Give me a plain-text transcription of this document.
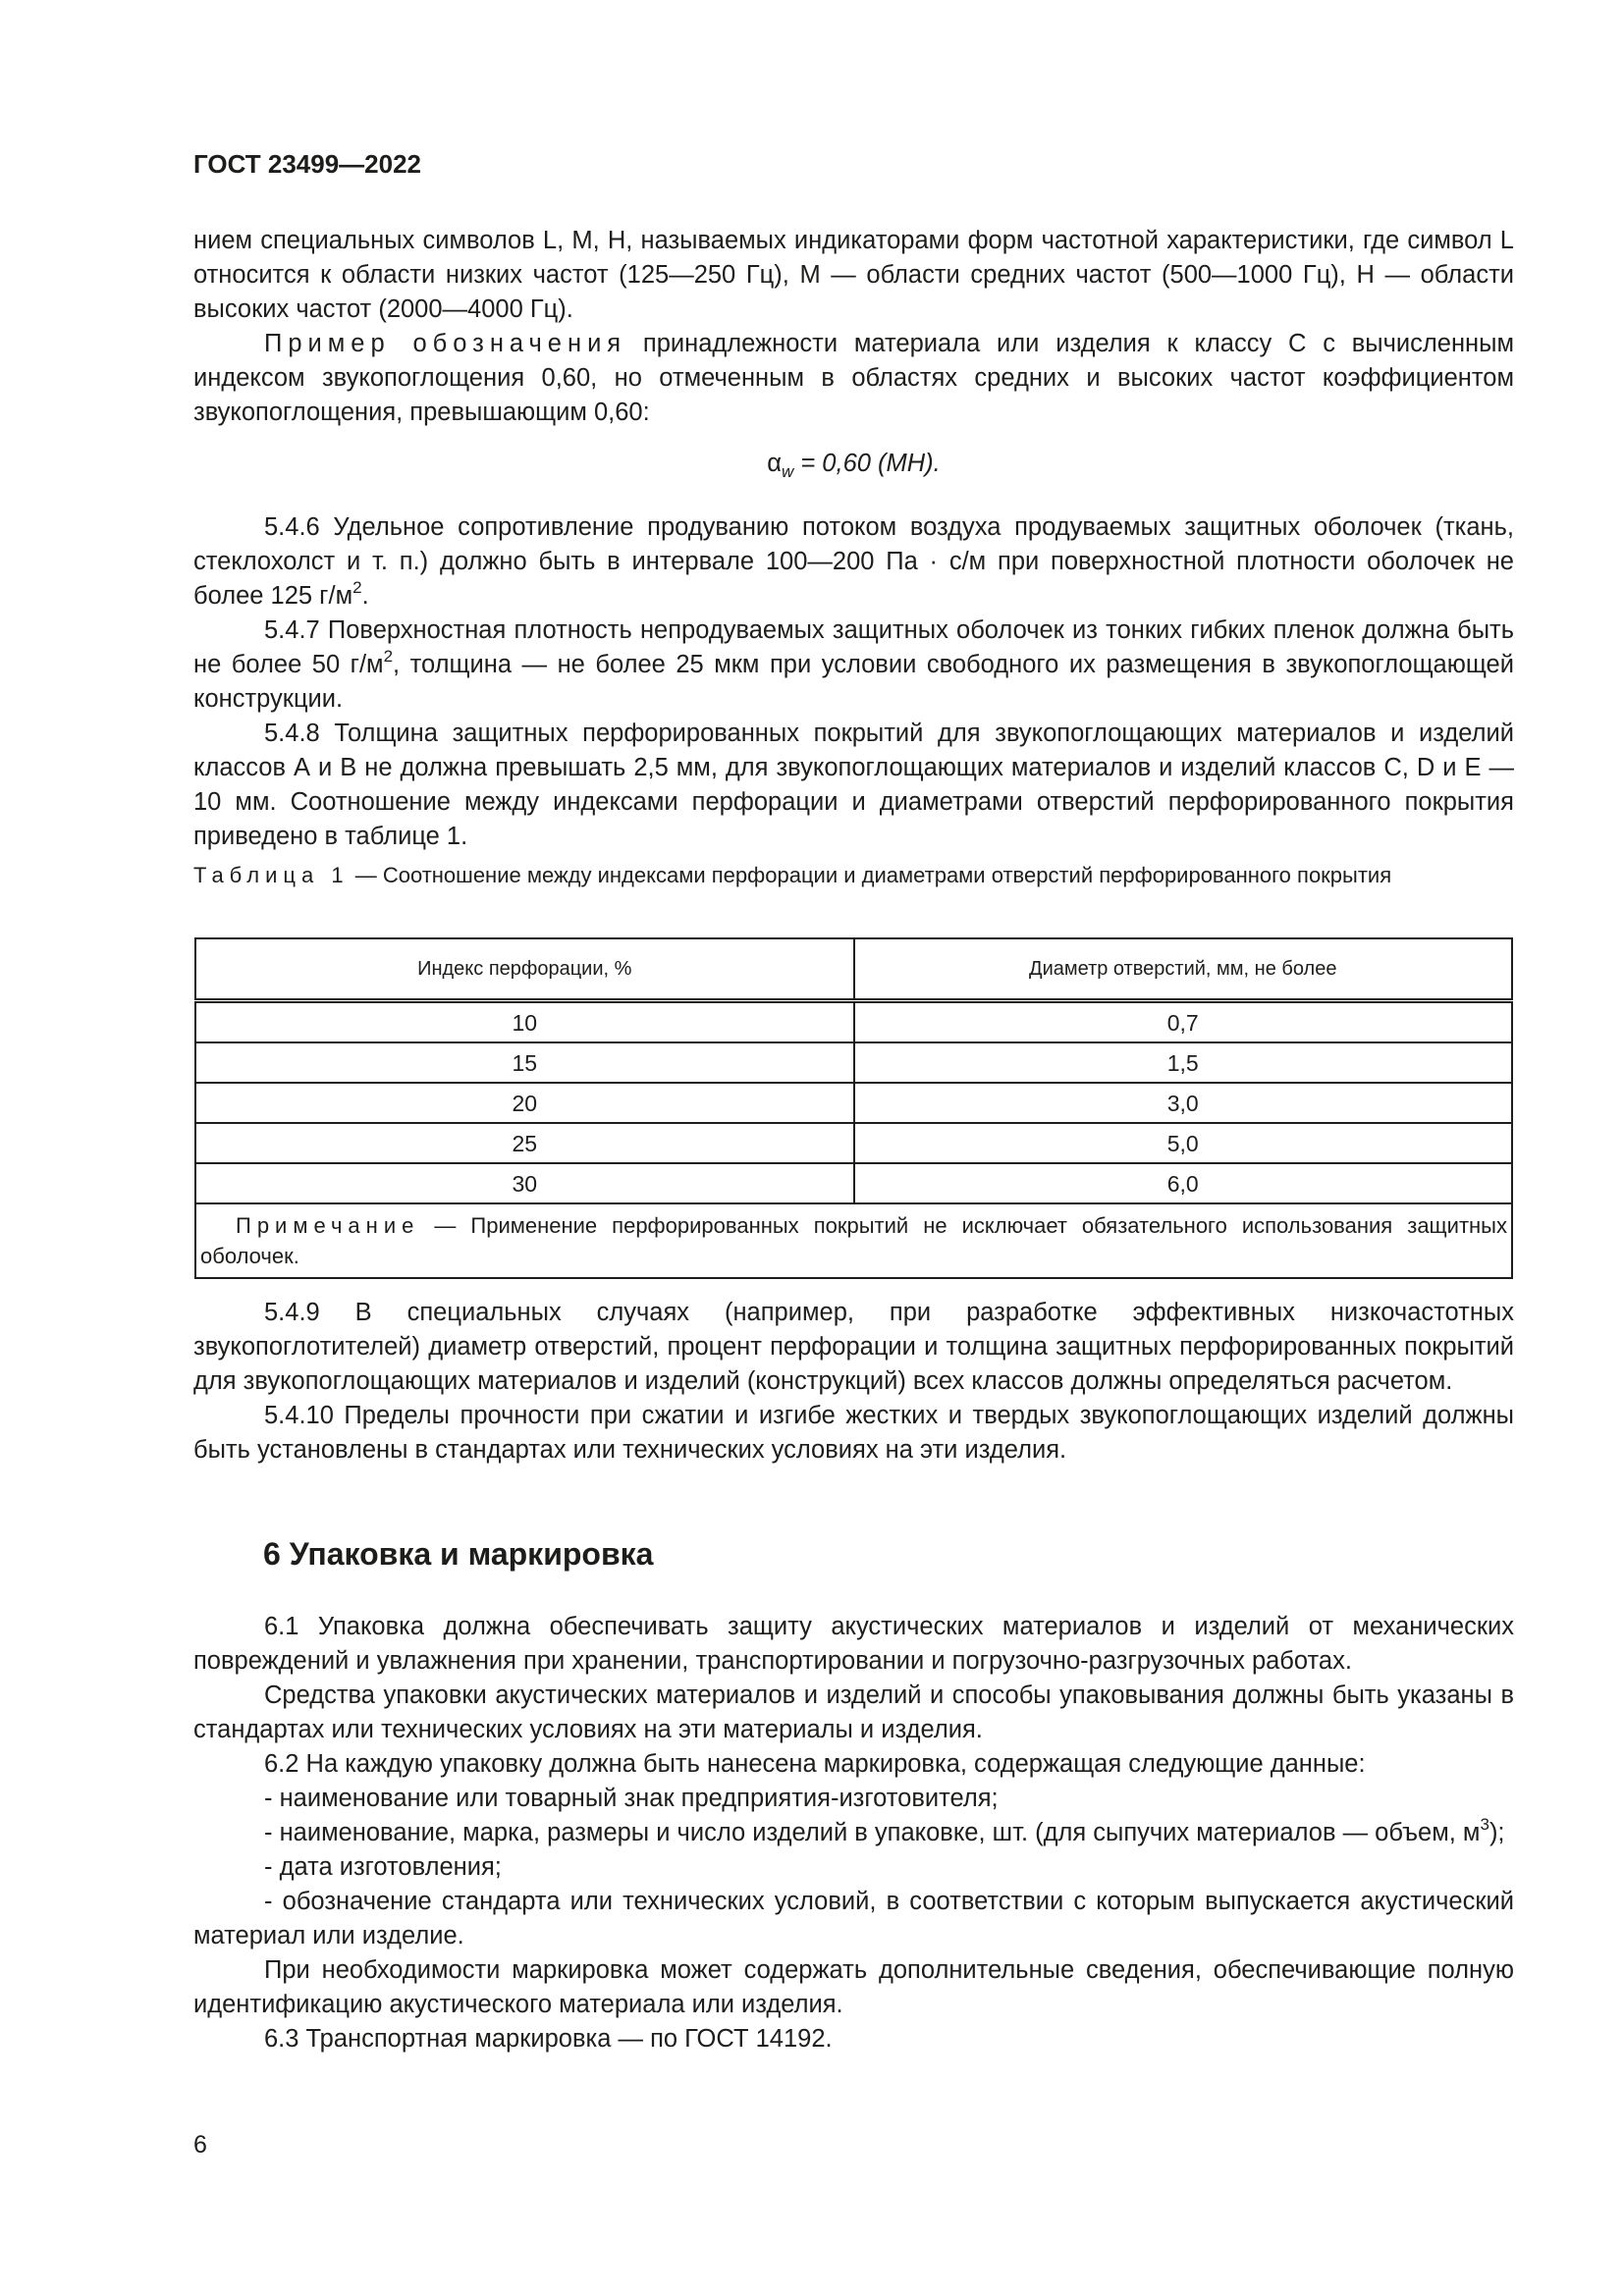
ГОСТ 23499—2022

нием специальных символов L, M, H, называемых индикаторами форм частотной характеристики, где символ L относится к области низких частот (125—250 Гц), M — области средних частот (500—1000 Гц), H — области высоких частот (2000—4000 Гц).

Пример обозначения принадлежности материала или изделия к классу С с вычисленным индексом звукопоглощения 0,60, но отмеченным в областях средних и высоких частот коэффициентом звукопоглощения, превышающим 0,60:

$\alpha_w = 0,60$ (MH).

5.4.6 Удельное сопротивление продуванию потоком воздуха продуваемых защитных оболочек (ткань, стеклохолст и т. п.) должно быть в интервале 100—200 Па · с/м при поверхностной плотности оболочек не более 125 $г/м^2$.

5.4.7 Поверхностная плотность непродуваемых защитных оболочек из тонких гибких пленок должна быть не более 50 $г/м^2$, толщина — не более 25 мкм при условии свободного их размещения в звукопоглощающей конструкции.

5.4.8 Толщина защитных перфорированных покрытий для звукопоглощающих материалов и изделий классов А и В не должна превышать 2,5 мм, для звукопоглощающих материалов и изделий классов С, D и E — 10 мм. Соотношение между индексами перфорации и диаметрами отверстий перфорированного покрытия приведено в таблице 1.

Таблица 1 — Соотношение между индексами перфорации и диаметрами отверстий перфорированного покрытия
Индекс перфорации, %	Диаметр отверстий, мм, не более
10	0,7
15	1,5
20	3,0
25	5,0
30	6,0
Примечание — Применение перфорированных покрытий не исключает обязательного использования защитных оболочек.	

5.4.9 В специальных случаях (например, при разработке эффективных низкочастотных звукопоглотителей) диаметр отверстий, процент перфорации и толщина защитных перфорированных покрытий для звукопоглощающих материалов и изделий (конструкций) всех классов должны определяться расчетом.

5.4.10 Пределы прочности при сжатии и изгибе жестких и твердых звукопоглощающих изделий должны быть установлены в стандартах или технических условиях на эти изделия.

6 Упаковка и маркировка

6.1 Упаковка должна обеспечивать защиту акустических материалов и изделий от механических повреждений и увлажнения при хранении, транспортировании и погрузочно-разгрузочных работах.

Средства упаковки акустических материалов и изделий и способы упаковывания должны быть указаны в стандартах или технических условиях на эти материалы и изделия.

6.2 На каждую упаковку должна быть нанесена маркировка, содержащая следующие данные:

- наименование или товарный знак предприятия-изготовителя;

- наименование, марка, размеры и число изделий в упаковке, шт. (для сыпучих материалов — объем, $м^3$);

- дата изготовления;

- обозначение стандарта или технических условий, в соответствии с которым выпускается акустический материал или изделие.

При необходимости маркировка может содержать дополнительные сведения, обеспечивающие полную идентификацию акустического материала или изделия.

6.3 Транспортная маркировка — по ГОСТ 14192.

6
